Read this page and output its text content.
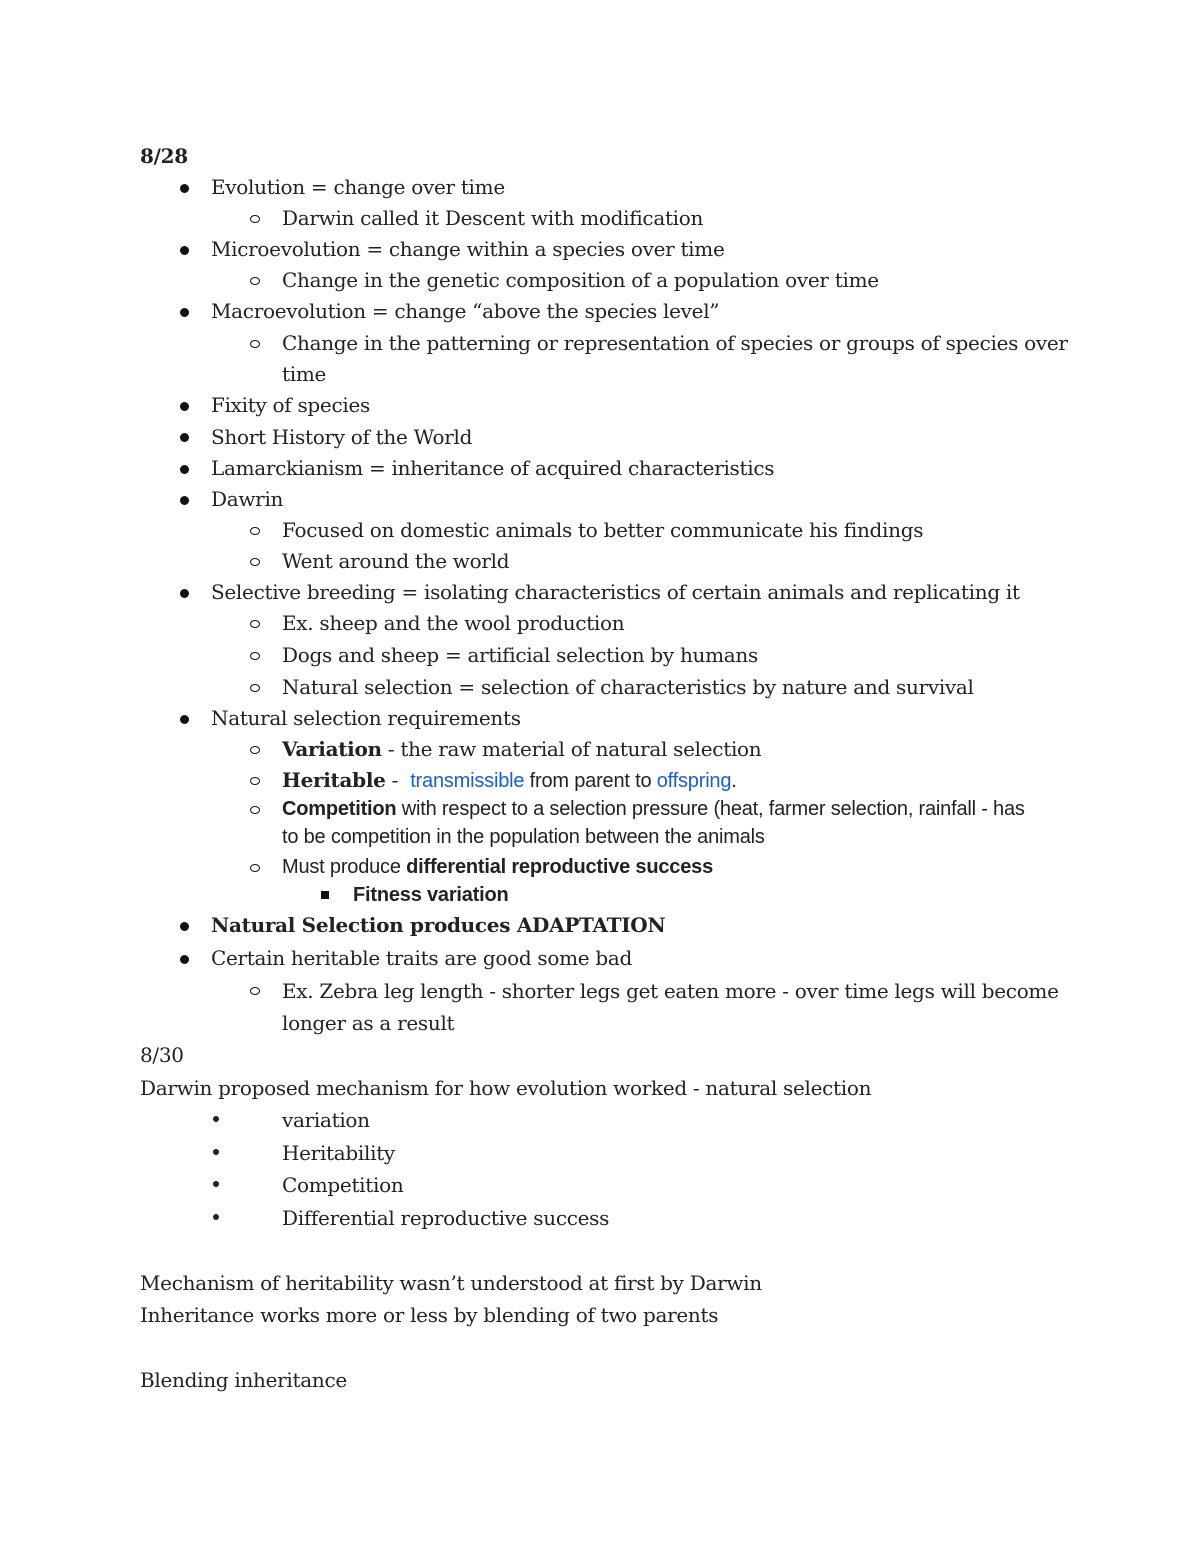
8/28
Evolution = change over time
Darwin called it Descent with modification
Microevolution = change within a species over time
Change in the genetic composition of a population over time
Macroevolution = change “above the species level”
Change in the patterning or representation of species or groups of species over
time
Fixity of species
Short History of the World
Lamarckianism = inheritance of acquired characteristics
Dawrin
Focused on domestic animals to better communicate his findings
Went around the world
Selective breeding = isolating characteristics of certain animals and replicating it
Ex. sheep and the wool production
Dogs and sheep = artificial selection by humans
Natural selection = selection of characteristics by nature and survival
Natural selection requirements
Variation - the raw material of natural selection
Heritable -  transmissible from parent to offspring.
Competition with respect to a selection pressure (heat, farmer selection, rainfall - has
to be competition in the population between the animals
Must produce differential reproductive success
Fitness variation
Natural Selection produces ADAPTATION
Certain heritable traits are good some bad
Ex. Zebra leg length - shorter legs get eaten more - over time legs will become
longer as a result
8/30
Darwin proposed mechanism for how evolution worked - natural selection
variation
Heritability
Competition
Differential reproductive success
Mechanism of heritability wasn’t understood at first by Darwin
Inheritance works more or less by blending of two parents
Blending inheritance
